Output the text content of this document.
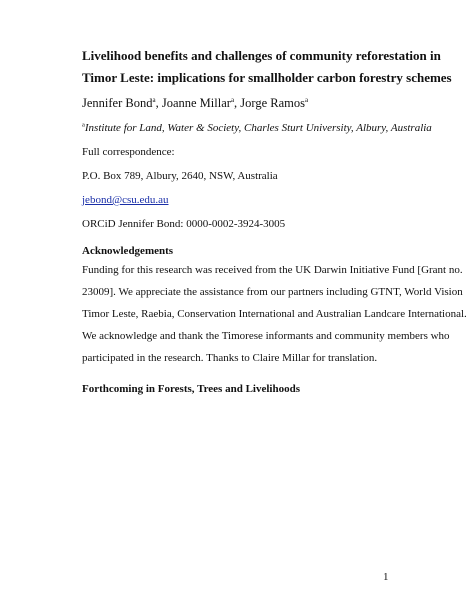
Livelihood benefits and challenges of community reforestation in
Timor Leste: implications for smallholder carbon forestry schemes
Jennifer Bond$^a$, Joanne Millar$^a$, Jorge Ramos$^a$
$^a$Institute for Land, Water & Society, Charles Sturt University, Albury, Australia
Full correspondence:
P.O. Box 789, Albury, 2640, NSW, Australia
jebond@csu.edu.au
ORCiD Jennifer Bond: 0000-0002-3924-3005
Acknowledgements
Funding for this research was received from the UK Darwin Initiative Fund [Grant no.
23009]. We appreciate the assistance from our partners including GTNT, World Vision
Timor Leste, Raebia, Conservation International and Australian Landcare International.
We acknowledge and thank the Timorese informants and community members who
participated in the research. Thanks to Claire Millar for translation.
Forthcoming in Forests, Trees and Livelihoods
1
